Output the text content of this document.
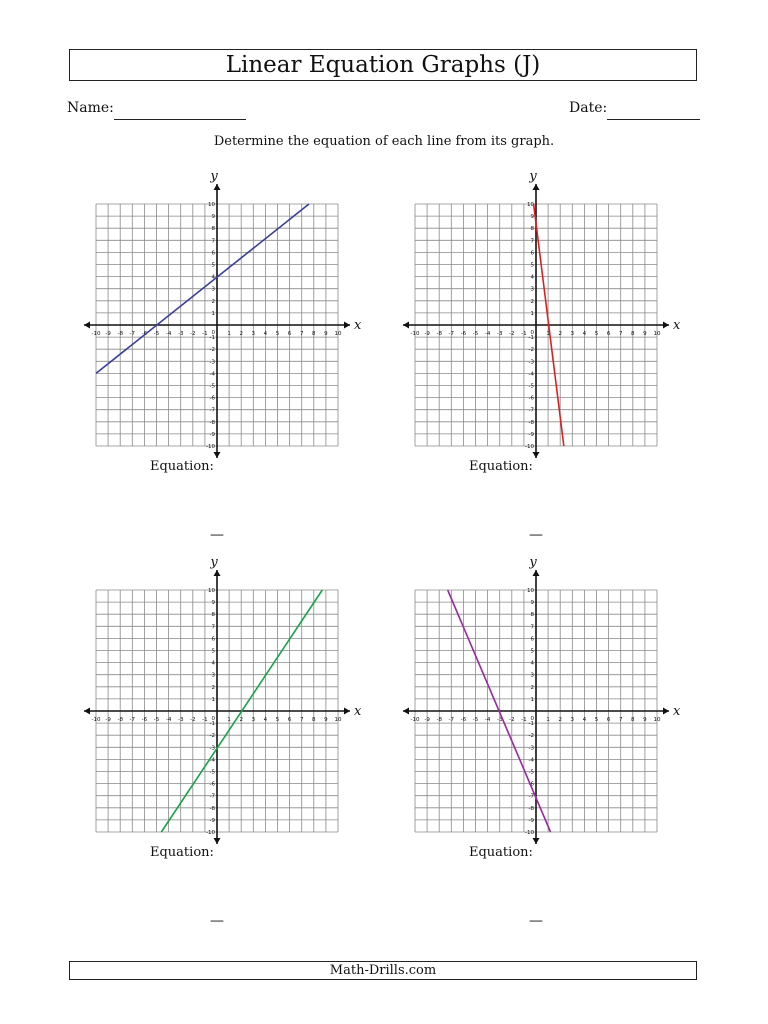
Linear Equation Graphs (J)
Name:	Date:
Determine the equation of each line from its graph.
x
y
-10 -9 -8 -7 -6 -5 -4 -3 -2 -1	1 2 3 4 5 6 7 8 9 10
-10
-9
-8
-7
-6
-5
-4
-3
-2
-1
1
2
3
4
5
6
7
8
9
10
0	x
y
-10 -9 -8 -7 -6 -5 -4 -3 -2 -1	1 2 3 4 5 6 7 8 9 10
-10
-9
-8
-7
-6
-5
-4
-3
-2
-1
1
2
3
4
5
6
7
8
9
10
0
x
y
-10 -9 -8 -7 -6 -5 -4 -3 -2 -1	1 2 3 4 5 6 7 8 9 10
-10
-9
-8
-7
-6
-5
-4
-3
-2
-1
1
2
3
4
5
6
7
8
9
10
0	x
y
-10 -9 -8 -7 -6 -5 -4 -3 -2 -1	1 2 3 4 5 6 7 8 9 10
-10
-9
-8
-7
-6
-5
-4
-3
-2
-1
1
2
3
4
5
6
7
8
9
10
0
Equation:	Equation:
Equation:	Equation:
—	—
—	—
Math-Drills.com
